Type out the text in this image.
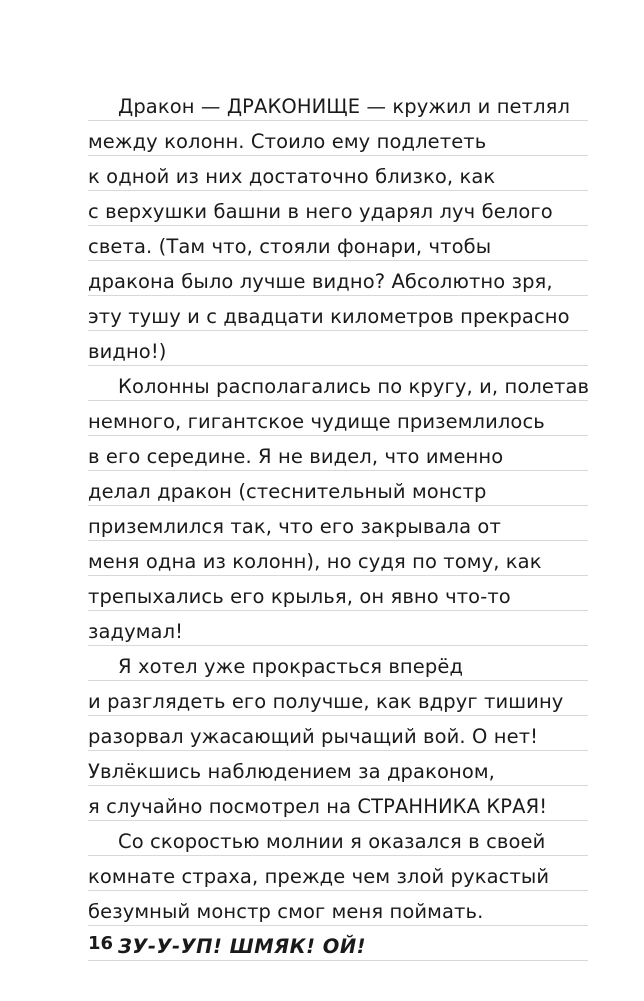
Дракон — ДРАКОНИЩЕ — кружил и петлял
между колонн. Стоило ему подлететь
к одной из них достаточно близко, как
с верхушки башни в него ударял луч белого
света. (Там что, стояли фонари, чтобы
дракона было лучше видно? Абсолютно зря,
эту тушу и с двадцати километров прекрасно
видно!)
Колонны располагались по кругу, и, полетав
немного, гигантское чудище приземлилось
в его середине. Я не видел, что именно
делал дракон (стеснительный монстр
приземлился так, что его закрывала от
меня одна из колонн), но судя по тому, как
трепыхались его крылья, он явно что-то
задумал!
Я хотел уже прокрасться вперёд
и разглядеть его получше, как вдруг тишину
разорвал ужасающий рычащий вой. О нет!
Увлёкшись наблюдением за драконом,
я случайно посмотрел на СТРАННИКА КРАЯ!
Со скоростью молнии я оказался в своей
комнате страха, прежде чем злой рукастый
безумный монстр смог меня поймать.
ЗУ-У-УП! ШМЯК! ОЙ!
16
